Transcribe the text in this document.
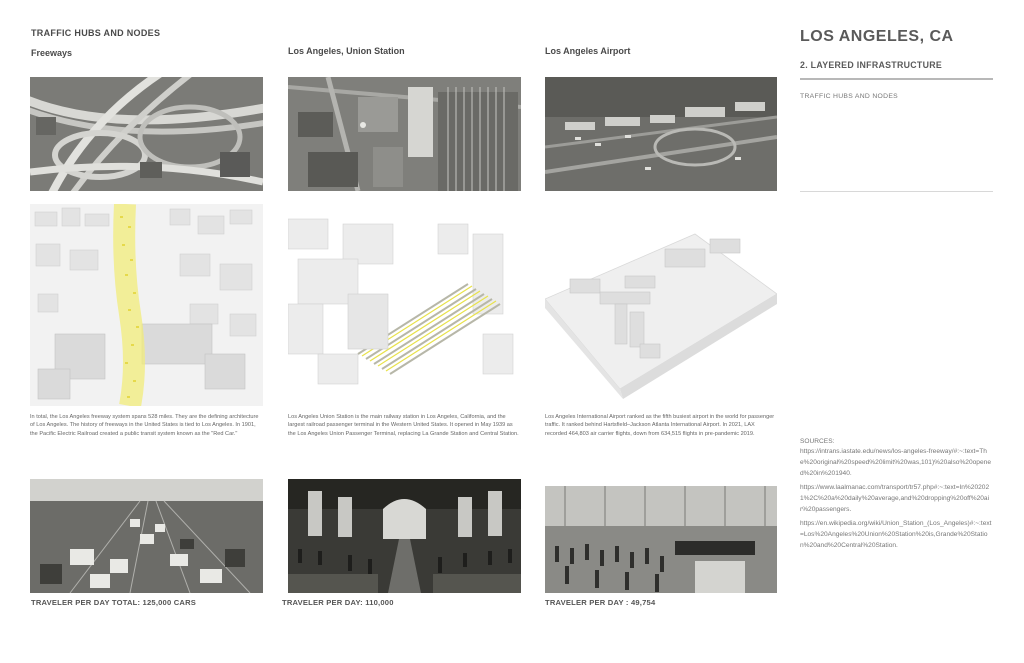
TRAFFIC HUBS AND NODES
Freeways	Los Angeles, Union Station	Los Angeles Airport
In total, the Los Angeles freeway system spans 528 miles. They are the defining architecture of Los Angeles. The history of freeways in the United States is tied to Los Angeles. In 1901, the Pacific Electric Railroad created a public transit system known as the "Red Car."
Los Angeles Union Station is the main railway station in Los Angeles, California, and the largest railroad passenger terminal in the Western United States. It opened in May 1939 as the Los Angeles Union Passenger Terminal, replacing La Grande Station and Central Station.
Los Angeles International Airport ranked as the fifth busiest airport in the world for passenger traffic. It ranked behind Hartsfield–Jackson Atlanta International Airport. In 2021, LAX recorded 464,803 air carrier flights, down from 634,515 flights in pre-pandemic 2019.
TRAVELER PER DAY TOTAL: 125,000 CARS	TRAVELER PER DAY: 110,000	TRAVELER PER DAY : 49,754
LOS ANGELES, CA
2. LAYERED INFRASTRUCTURE
TRAFFIC HUBS AND NODES
SOURCES:
https://intrans.iastate.edu/news/los-angeles-freeway/#:~:text=The%20original%20speed%20limit%20was,101)%20also%20opened%20in%201940.
https://www.laalmanac.com/transport/tr57.php#:~:text=In%202021%2C%20a%20daily%20average,and%20dropping%20off%20air%20passengers.
https://en.wikipedia.org/wiki/Union_Station_(Los_Angeles)#:~:text=Los%20Angeles%20Union%20Station%20is,Grande%20Station%20and%20Central%20Station.
